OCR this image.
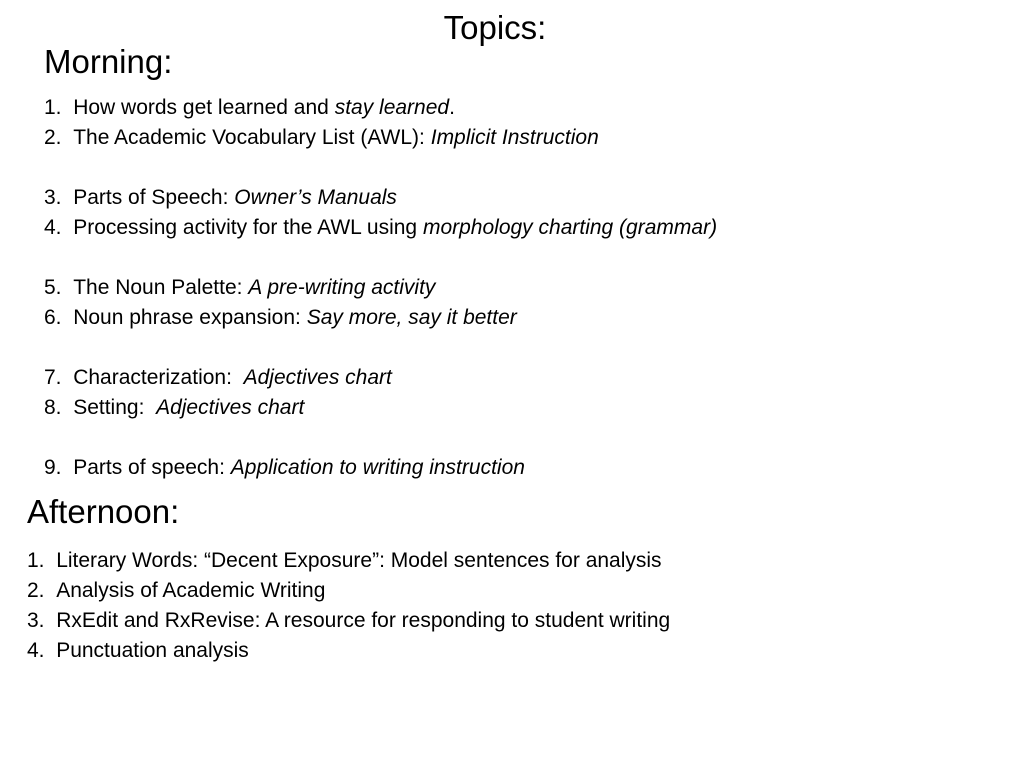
Topics:
Morning:
1. How words get learned and stay learned .
2. The Academic Vocabulary List (AWL): Implicit Instruction
3. Parts of Speech: Owner’s Manuals
4. Processing activity for the AWL using morphology charting (grammar)
5. The Noun Palette: A pre-writing activity
6. Noun phrase expansion: Say more, say it better
7. Characterization: Adjectives chart
8. Setting: Adjectives chart
9. Parts of speech: Application to writing instruction
Afternoon:
1. Literary Words: “Decent Exposure”: Model sentences for analysis
2. Analysis of Academic Writing
3. RxEdit and RxRevise: A resource for responding to student writing
4. Punctuation analysis
